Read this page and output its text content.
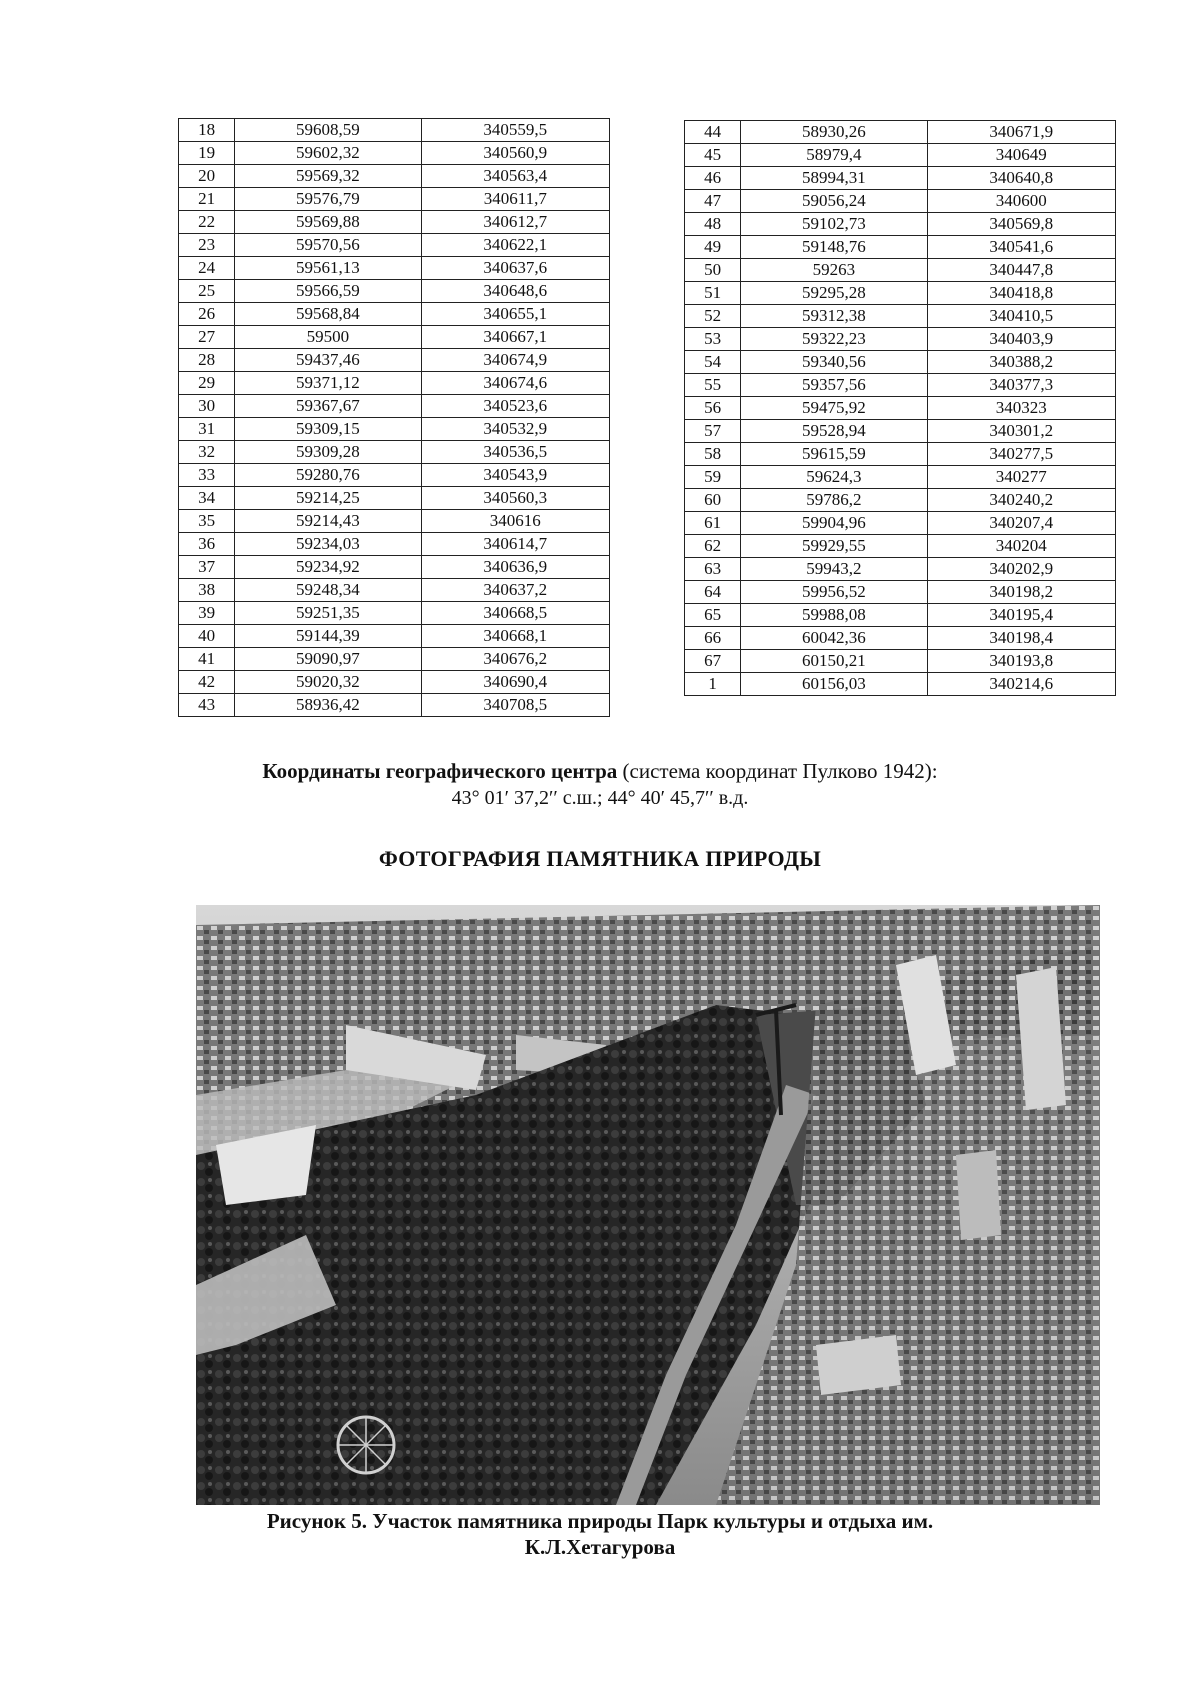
18	59608,59	340559,5
19	59602,32	340560,9
20	59569,32	340563,4
21	59576,79	340611,7
22	59569,88	340612,7
23	59570,56	340622,1
24	59561,13	340637,6
25	59566,59	340648,6
26	59568,84	340655,1
27	59500	340667,1
28	59437,46	340674,9
29	59371,12	340674,6
30	59367,67	340523,6
31	59309,15	340532,9
32	59309,28	340536,5
33	59280,76	340543,9
34	59214,25	340560,3
35	59214,43	340616
36	59234,03	340614,7
37	59234,92	340636,9
38	59248,34	340637,2
39	59251,35	340668,5
40	59144,39	340668,1
41	59090,97	340676,2
42	59020,32	340690,4
43	58936,42	340708,5
44	58930,26	340671,9
45	58979,4	340649
46	58994,31	340640,8
47	59056,24	340600
48	59102,73	340569,8
49	59148,76	340541,6
50	59263	340447,8
51	59295,28	340418,8
52	59312,38	340410,5
53	59322,23	340403,9
54	59340,56	340388,2
55	59357,56	340377,3
56	59475,92	340323
57	59528,94	340301,2
58	59615,59	340277,5
59	59624,3	340277
60	59786,2	340240,2
61	59904,96	340207,4
62	59929,55	340204
63	59943,2	340202,9
64	59956,52	340198,2
65	59988,08	340195,4
66	60042,36	340198,4
67	60150,21	340193,8
1	60156,03	340214,6
Координаты географического центра (система координат Пулково 1942):
43° 01′ 37,2′′ с.ш.; 44° 40′ 45,7′′ в.д.
ФОТОГРАФИЯ ПАМЯТНИКА ПРИРОДЫ
Рисунок 5. Участок памятника природы Парк культуры и отдыха им.
К.Л.Хетагурова
